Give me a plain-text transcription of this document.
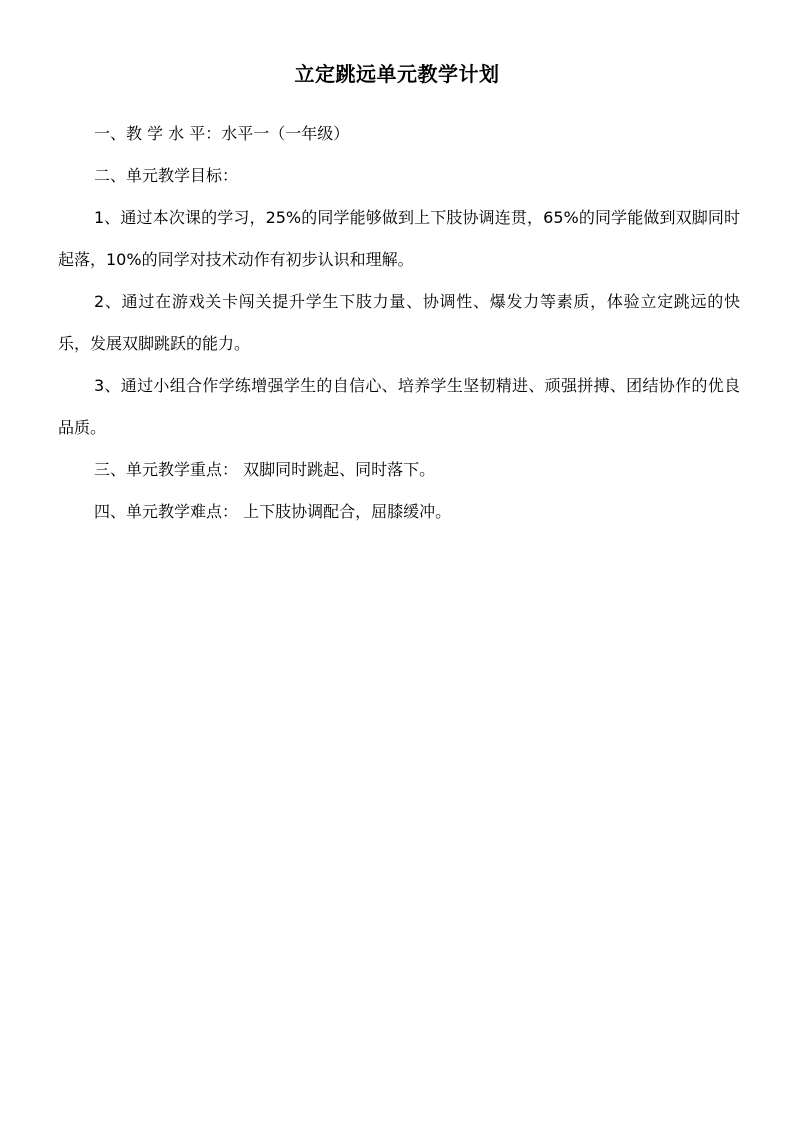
立定跳远单元教学计划

一、教 学 水 平：水平一（一年级）

二、单元教学目标：

1、通过本次课的学习，25%的同学能够做到上下肢协调连贯，65%的同学能做到双脚同时起落，10%的同学对技术动作有初步认识和理解。

2、通过在游戏关卡闯关提升学生下肢力量、协调性、爆发力等素质，体验立定跳远的快乐，发展双脚跳跃的能力。

3、通过小组合作学练增强学生的自信心、培养学生坚韧精进、顽强拼搏、团结协作的优良品质。

三、单元教学重点： 双脚同时跳起、同时落下。

四、单元教学难点： 上下肢协调配合，屈膝缓冲。
